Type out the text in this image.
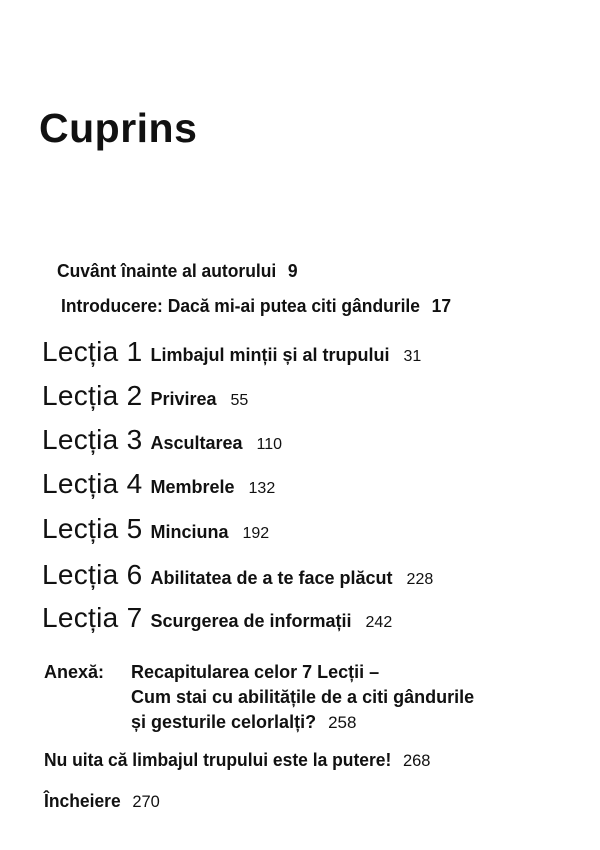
Cuprins
Cuvânt înainte al autorului 9
Introducere: Dacă mi-ai putea citi gândurile 17
Lecția 1 Limbajul minții și al trupului 31
Lecția 2 Privirea 55
Lecția 3 Ascultarea 110
Lecția 4 Membrele 132
Lecția 5 Minciuna 192
Lecția 6 Abilitatea de a te face plăcut 228
Lecția 7 Scurgerea de informații 242
Anexă: Recapitularea celor 7 Lecții –
Cum stai cu abilitățile de a citi gândurile
și gesturile celorlalți? 258
Nu uita că limbajul trupului este la putere! 268
Încheiere 270
